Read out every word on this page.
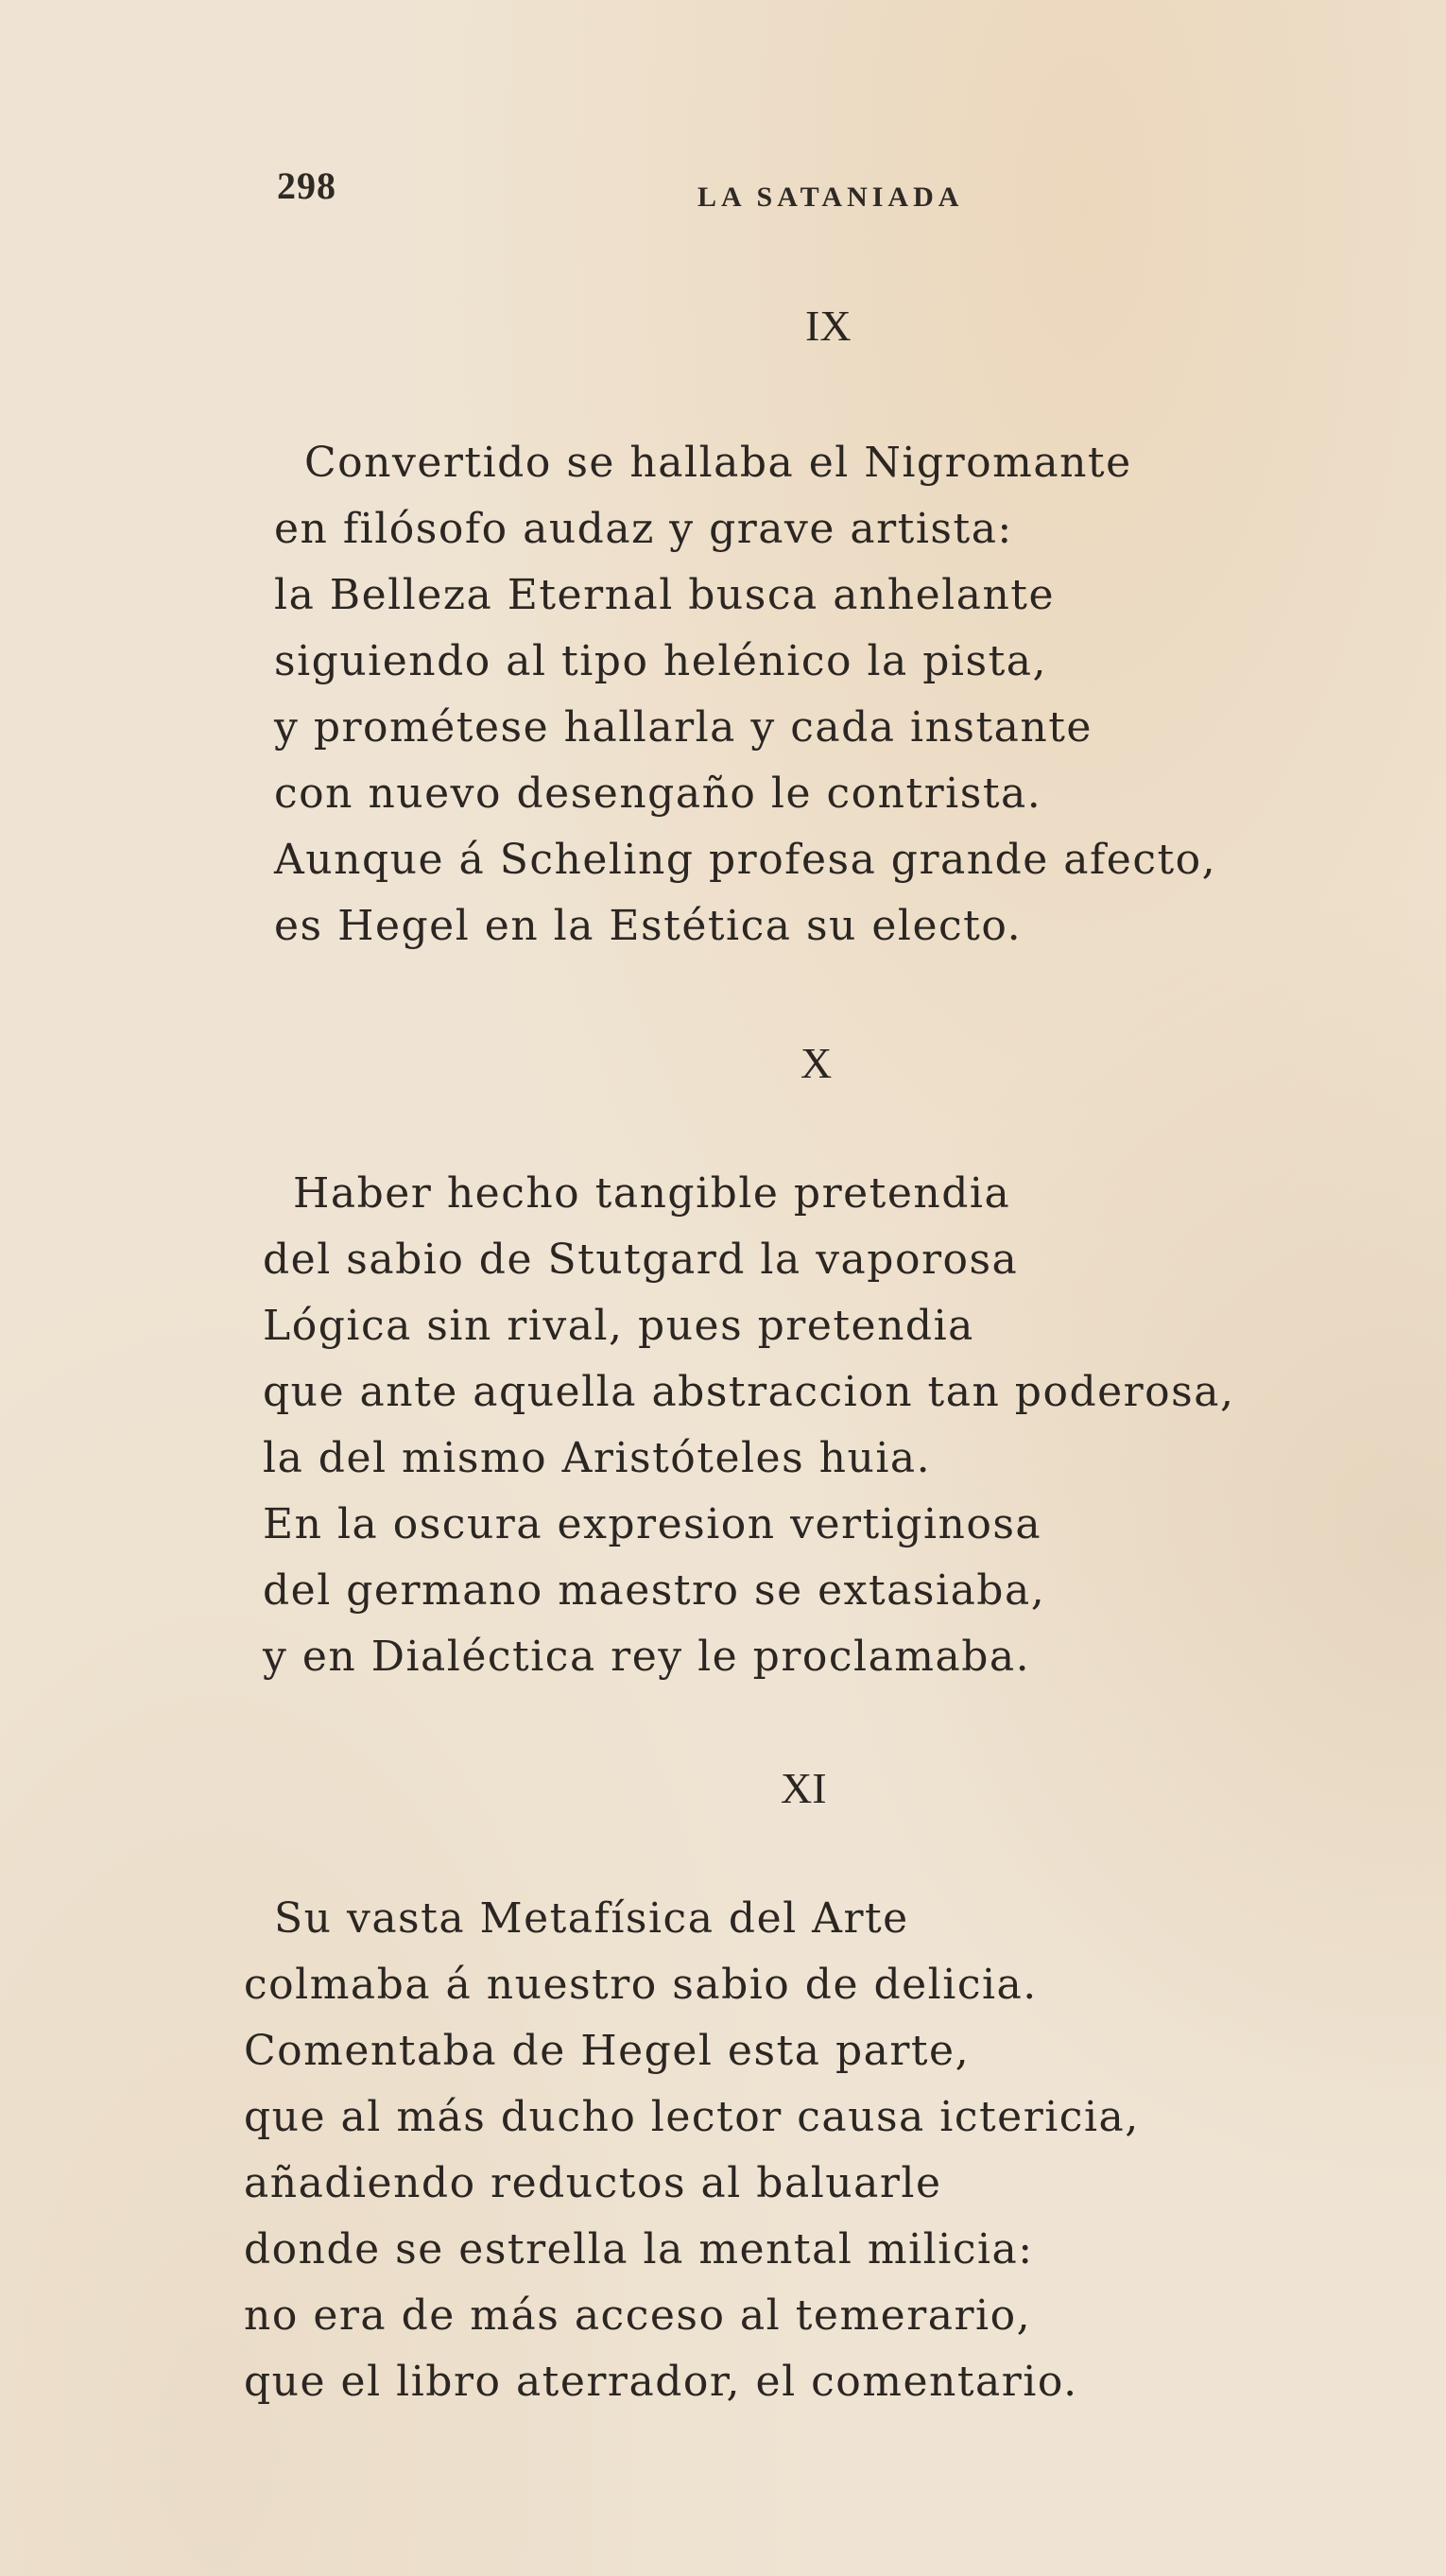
298	LA SATANIADA
IX
Convertido se hallaba el Nigromante
en filósofo audaz y grave artista:
la Belleza Eternal busca anhelante
siguiendo al tipo helénico la pista,
y prométese hallarla y cada instante
con nuevo desengaño le contrista.
Aunque á Scheling profesa grande afecto,
es Hegel en la Estética su electo.
X
Haber hecho tangible pretendia
del sabio de Stutgard la vaporosa
Lógica sin rival, pues pretendia
que ante aquella abstraccion tan poderosa,
la del mismo Aristóteles huia.
En la oscura expresion vertiginosa
del germano maestro se extasiaba,
y en Dialéctica rey le proclamaba.
XI
Su vasta Metafísica del Arte
colmaba á nuestro sabio de delicia.
Comentaba de Hegel esta parte,
que al más ducho lector causa ictericia,
añadiendo reductos al baluarle
donde se estrella la mental milicia:
no era de más acceso al temerario,
que el libro aterrador, el comentario.
